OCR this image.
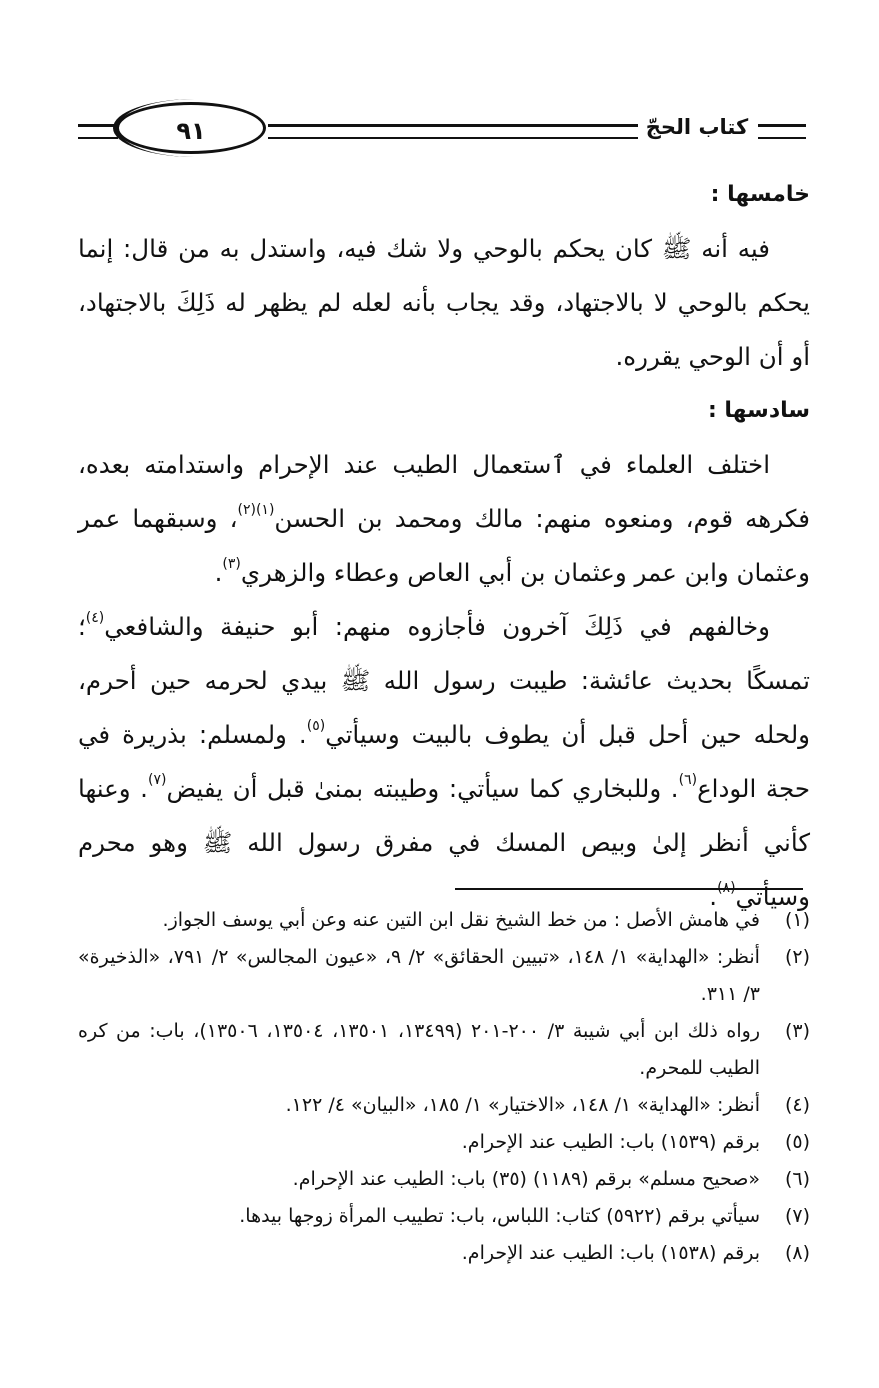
كتاب الحجّ
٩١

خامسها :

فيه أنه ﷺ كان يحكم بالوحي ولا شك فيه، واستدل به من قال: إنما يحكم بالوحي لا بالاجتهاد، وقد يجاب بأنه لعله لم يظهر له ذَلِكَ بالاجتهاد، أو أن الوحي يقرره.

سادسها :

اختلف العلماء في ٱستعمال الطيب عند الإحرام واستدامته بعده، فكرهه قوم، ومنعوه منهم: مالك ومحمد بن الحسن$^{(١)(٢)}$، وسبقهما عمر وعثمان وابن عمر وعثمان بن أبي العاص وعطاء والزهري$^{(٣)}$.

وخالفهم في ذَلِكَ آخرون فأجازوه منهم: أبو حنيفة والشافعي$^{(٤)}$؛ تمسكًا بحديث عائشة: طيبت رسول الله ﷺ بيدي لحرمه حين أحرم، ولحله حين أحل قبل أن يطوف بالبيت وسيأتي$^{(٥)}$. ولمسلم: بذريرة في حجة الوداع$^{(٦)}$. وللبخاري كما سيأتي: وطيبته بمنىٰ قبل أن يفيض$^{(٧)}$. وعنها كأني أنظر إلىٰ وبيص المسك في مفرق رسول الله ﷺ وهو محرم وسيأتي$^{(٨)}$.

(١)
في هامش الأصل : من خط الشيخ نقل ابن التين عنه وعن أبي يوسف الجواز.

(٢)
أنظر: «الهداية» ١/ ١٤٨، «تبيين الحقائق» ٢/ ٩، «عيون المجالس» ٢/ ٧٩١، «الذخيرة» ٣/ ٣١١.

(٣)
رواه ذلك ابن أبي شيبة ٣/ ٢٠٠-٢٠١ (١٣٤٩٩، ١٣٥٠١، ١٣٥٠٤، ١٣٥٠٦)، باب: من كره الطيب للمحرم.

(٤)
أنظر: «الهداية» ١/ ١٤٨، «الاختيار» ١/ ١٨٥، «البيان» ٤/ ١٢٢.

(٥)
برقم (١٥٣٩) باب: الطيب عند الإحرام.

(٦)
«صحيح مسلم» برقم (١١٨٩) (٣٥) باب: الطيب عند الإحرام.

(٧)
سيأتي برقم (٥٩٢٢) كتاب: اللباس، باب: تطييب المرأة زوجها بيدها.

(٨)
برقم (١٥٣٨) باب: الطيب عند الإحرام.
